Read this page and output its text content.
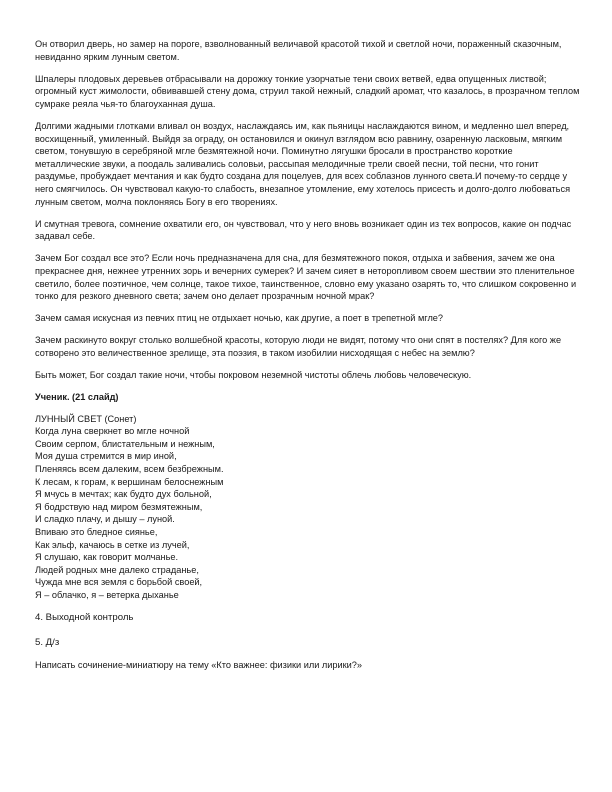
Он отворил дверь, но замер на пороге, взволнованный величавой красотой тихой и светлой ночи, пораженный сказочным, невиданно ярким лунным светом.

Шпалеры плодовых деревьев отбрасывали на дорожку тонкие узорчатые тени своих ветвей, едва опущенных листвой; огромный куст жимолости, обвивавшей стену дома, струил такой нежный, сладкий аромат, что казалось, в прозрачном теплом сумраке реяла чья-то благоуханная душа.

Долгими жадными глотками вливал он воздух, наслаждаясь им, как пьяницы наслаждаются вином, и медленно шел вперед, восхищенный, умиленный. Выйдя за ограду, он остановился и окинул взглядом всю равнину, озаренную ласковым, мягким светом, тонувшую в серебряной мгле безмятежной ночи. Поминутно лягушки бросали в пространство короткие металлические звуки, а поодаль заливались соловьи, рассыпая мелодичные трели своей песни, той песни, что гонит раздумье, пробуждает мечтания и как будто создана для поцелуев, для всех соблазнов лунного света.И почему-то сердце у него смягчилось. Он чувствовал какую-то слабость, внезапное утомление, ему хотелось присесть и долго-долго любоваться лунным светом, молча поклоняясь Богу в его творениях.

И смутная тревога, сомнение охватили его, он чувствовал, что у него вновь возникает один из тех вопросов, какие он подчас задавал себе.

Зачем Бог создал все это? Если ночь предназначена для сна, для безмятежного покоя, отдыха и забвения, зачем же она прекраснее дня, нежнее утренних зорь и вечерних сумерек? И зачем сияет в неторопливом своем шествии это пленительное светило, более поэтичное, чем солнце, такое тихое, таинственное, словно ему указано озарять то, что слишком сокровенно и тонко для резкого дневного света; зачем оно делает прозрачным ночной мрак?

Зачем самая искусная из певчих птиц не отдыхает ночью, как другие, а поет в трепетной мгле?

Зачем раскинуто вокруг столько волшебной красоты, которую люди не видят, потому что они спят в постелях? Для кого же сотворено это величественное зрелище, эта поэзия, в таком изобилии нисходящая с небес на землю?

Быть может, Бог создал такие ночи, чтобы покровом неземной чистоты облечь любовь человеческую.

Ученик. (21 слайд)

ЛУННЫЙ СВЕТ (Сонет)
Когда луна сверкнет во мгле ночной
Своим серпом, блистательным и нежным,
Моя душа стремится в мир иной,
Пленяясь всем далеким, всем безбрежным.
К лесам, к горам, к вершинам белоснежным
Я мчусь в мечтах; как будто дух больной,
Я бодрствую над миром безмятежным,
И сладко плачу, и дышу – луной.
Впиваю это бледное сиянье,
Как эльф, качаюсь в сетке из лучей,
Я слушаю, как говорит молчанье.
Людей родных мне далеко страданье,
Чужда мне вся земля с борьбой своей,
Я – облачко, я – ветерка дыханье

4. Выходной контроль

5. Д/з

Написать сочинение-миниатюру на тему «Кто важнее: физики или лирики?»
